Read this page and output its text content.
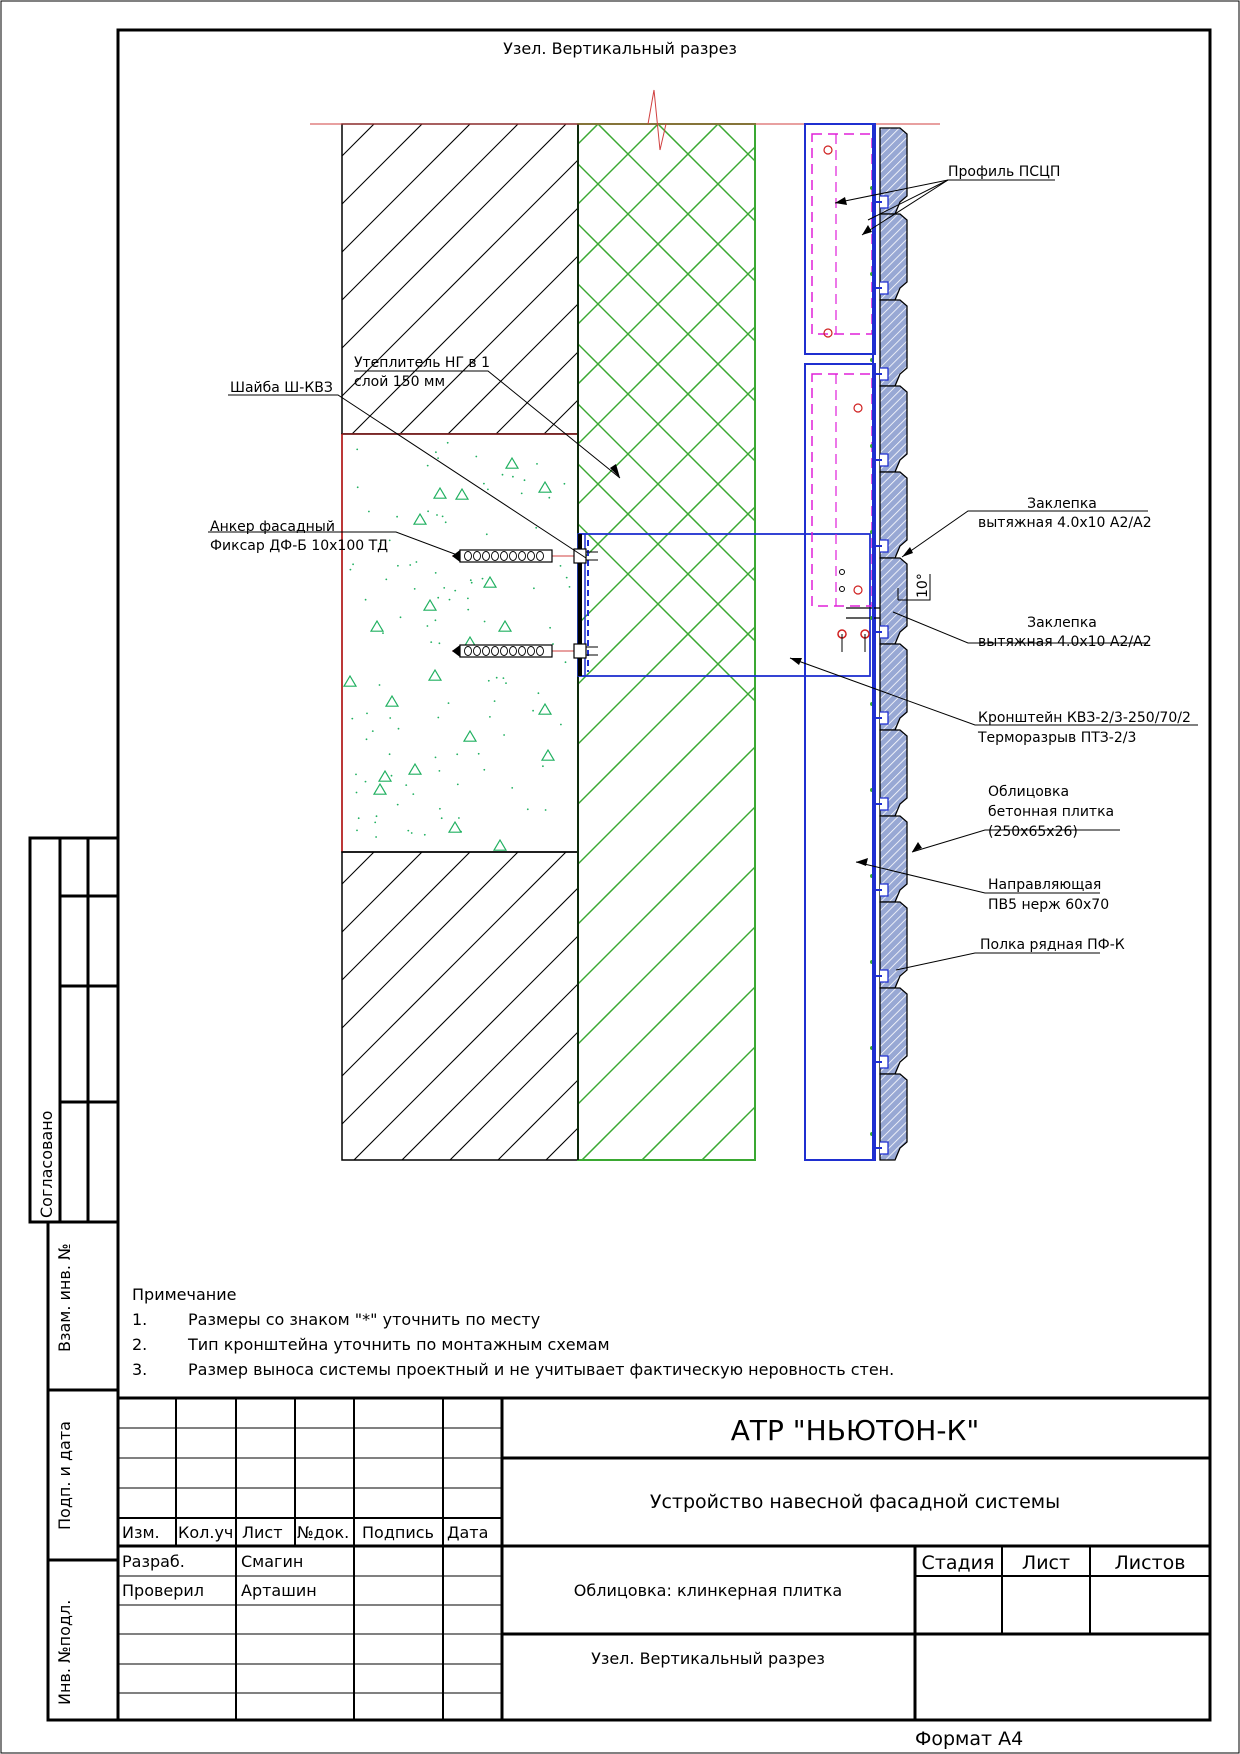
Узел. Вертикальный разрез
10°
Профиль ПСЦП
Утеплитель НГ в 1
слой 150 мм
Шайба Ш-КВЗ
Анкер фасадный
Фиксар ДФ-Б 10х100 ТД
Заклепка
вытяжная 4.0х10 А2/А2
Заклепка
вытяжная 4.0х10 А2/А2
Кронштейн КВЗ-2/3-250/70/2
Терморазрыв ПТЗ-2/3
Облицовка
бетонная плитка
(250х65х26)
Направляющая
ПВ5 нерж 60х70
Полка рядная ПФ-К
Примечание
1.	Размеры со знаком "*" уточнить по месту
2.	Тип кронштейна уточнить по монтажным схемам
3.	Размер выноса системы проектный и не учитывает фактическую неровность стен.
Согласовано
Взам. инв. №
Подп. и дата
Инв. №подл.
Изм. Кол.уч Лист №док. Подпись Дата
Разраб.	Смагин
Проверил Арташин
АТР "НЬЮТОН-К"
Устройство навесной фасадной системы
Облицовка: клинкерная плитка
Узел. Вертикальный разрез
Стадия Лист Листов
Формат А4
